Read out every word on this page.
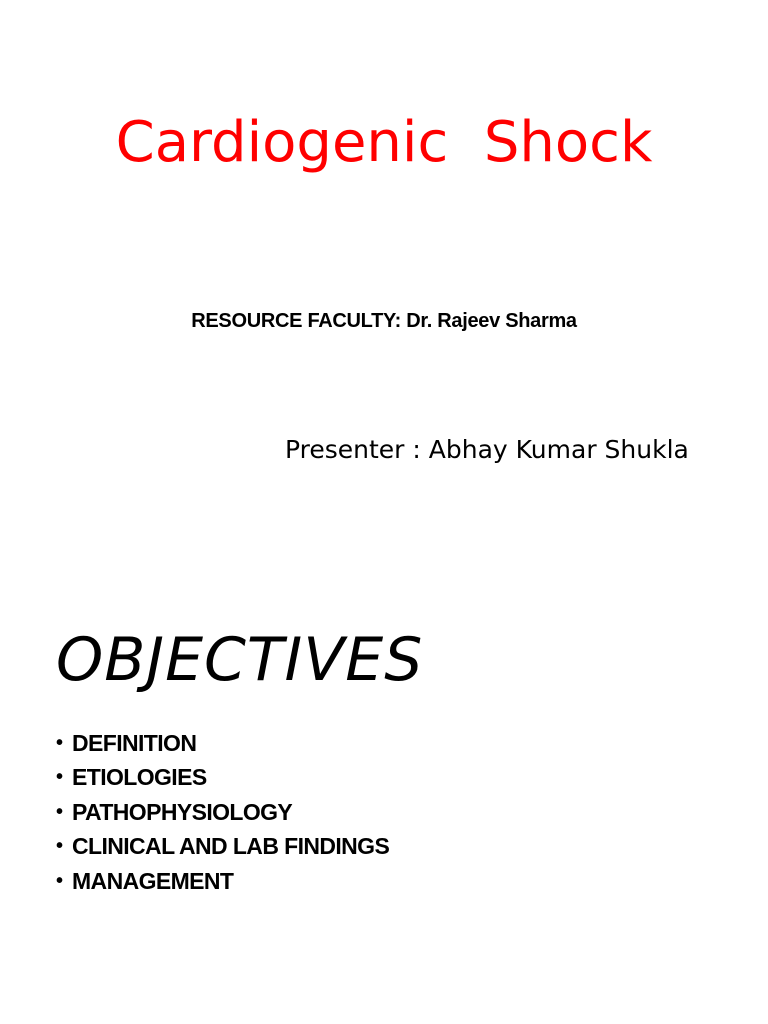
Cardiogenic  Shock
RESOURCE FACULTY: Dr. Rajeev Sharma
Presenter : Abhay Kumar Shukla
OBJECTIVES
• DEFINITION
• ETIOLOGIES
• PATHOPHYSIOLOGY
• CLINICAL AND LAB FINDINGS
• MANAGEMENT
